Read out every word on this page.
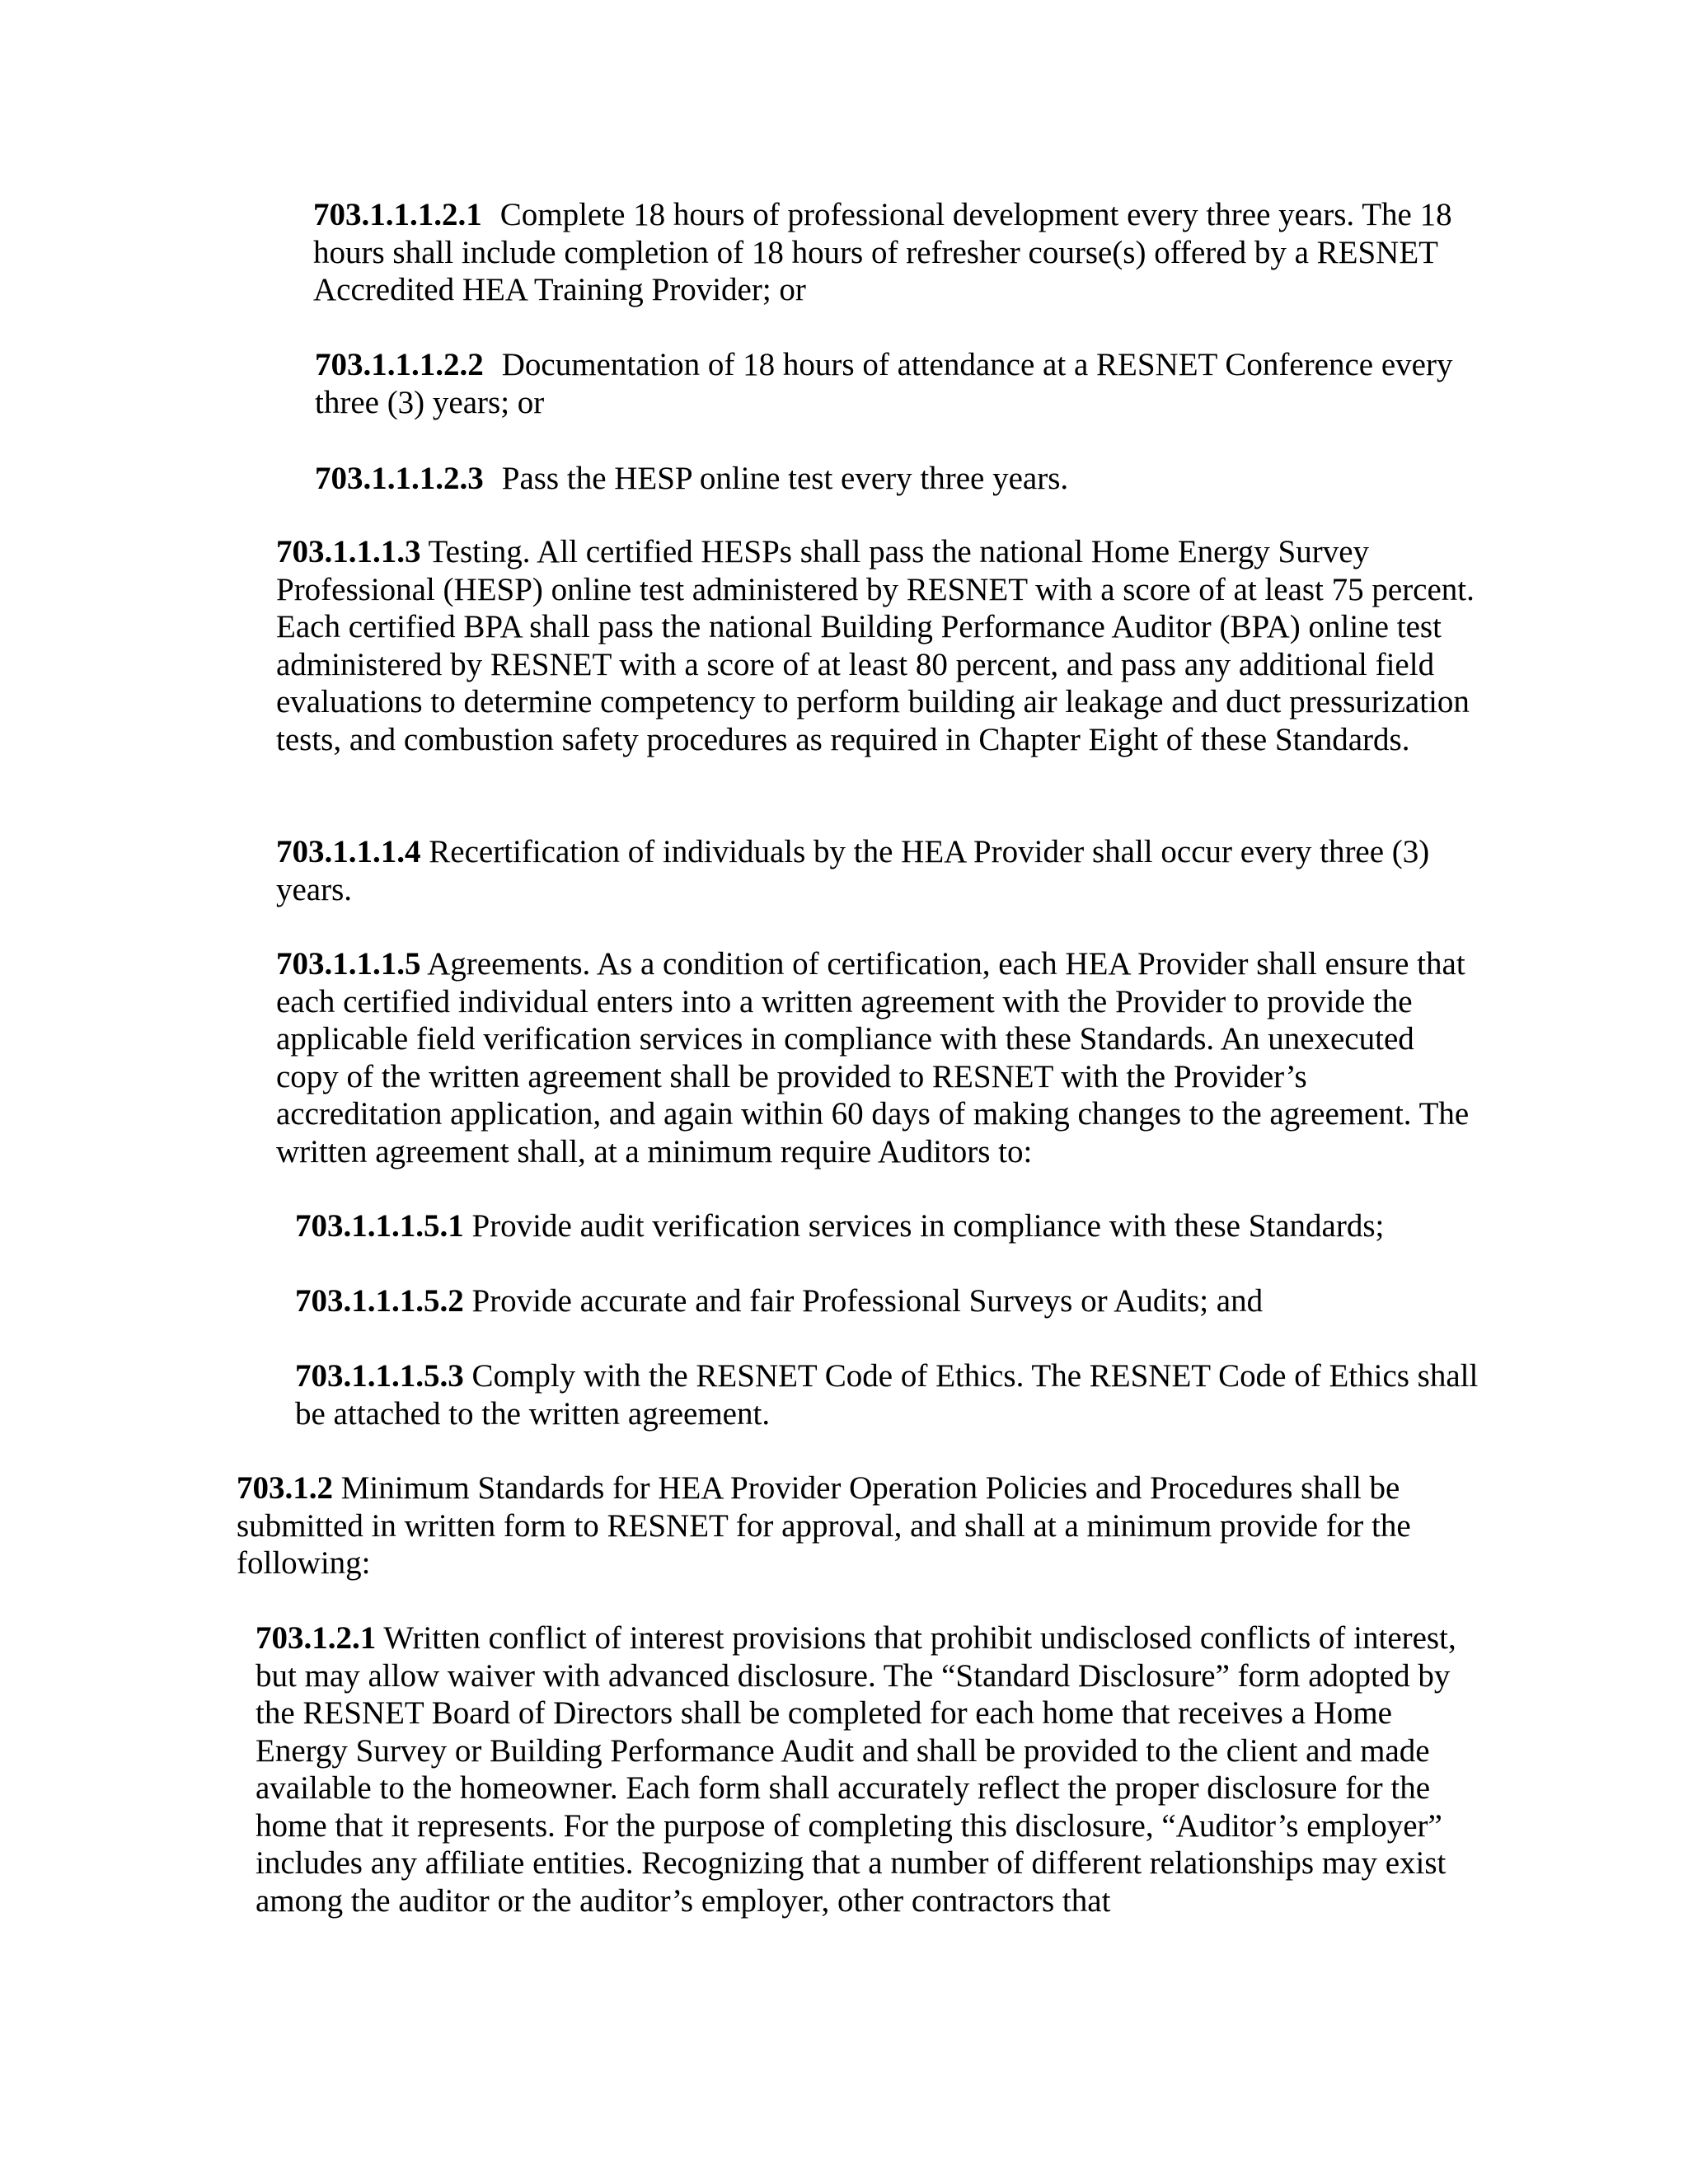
703.1.1.1.2.1 Complete 18 hours of professional development every three years. The 18 hours shall include completion of 18 hours of refresher course(s) offered by a RESNET Accredited HEA Training Provider; or

703.1.1.1.2.2 Documentation of 18 hours of attendance at a RESNET Conference every three (3) years; or

703.1.1.1.2.3 Pass the HESP online test every three years.

703.1.1.1.3 Testing. All certified HESPs shall pass the national Home Energy Survey Professional (HESP) online test administered by RESNET with a score of at least 75 percent. Each certified BPA shall pass the national Building Performance Auditor (BPA) online test administered by RESNET with a score of at least 80 percent, and pass any additional field evaluations to determine competency to perform building air leakage and duct pressurization tests, and combustion safety procedures as required in Chapter Eight of these Standards.

703.1.1.1.4 Recertification of individuals by the HEA Provider shall occur every three (3) years.

703.1.1.1.5 Agreements. As a condition of certification, each HEA Provider shall ensure that each certified individual enters into a written agreement with the Provider to provide the applicable field verification services in compliance with these Standards. An unexecuted copy of the written agreement shall be provided to RESNET with the Provider’s accreditation application, and again within 60 days of making changes to the agreement. The written agreement shall, at a minimum require Auditors to:

703.1.1.1.5.1 Provide audit verification services in compliance with these Standards;

703.1.1.1.5.2 Provide accurate and fair Professional Surveys or Audits; and

703.1.1.1.5.3 Comply with the RESNET Code of Ethics. The RESNET Code of Ethics shall be attached to the written agreement.

703.1.2 Minimum Standards for HEA Provider Operation Policies and Procedures shall be submitted in written form to RESNET for approval, and shall at a minimum provide for the following:

703.1.2.1 Written conflict of interest provisions that prohibit undisclosed conflicts of interest, but may allow waiver with advanced disclosure. The “Standard Disclosure” form adopted by the RESNET Board of Directors shall be completed for each home that receives a Home Energy Survey or Building Performance Audit and shall be provided to the client and made available to the homeowner. Each form shall accurately reflect the proper disclosure for the home that it represents. For the purpose of completing this disclosure, “Auditor’s employer” includes any affiliate entities. Recognizing that a number of different relationships may exist among the auditor or the auditor’s employer, other contractors that
